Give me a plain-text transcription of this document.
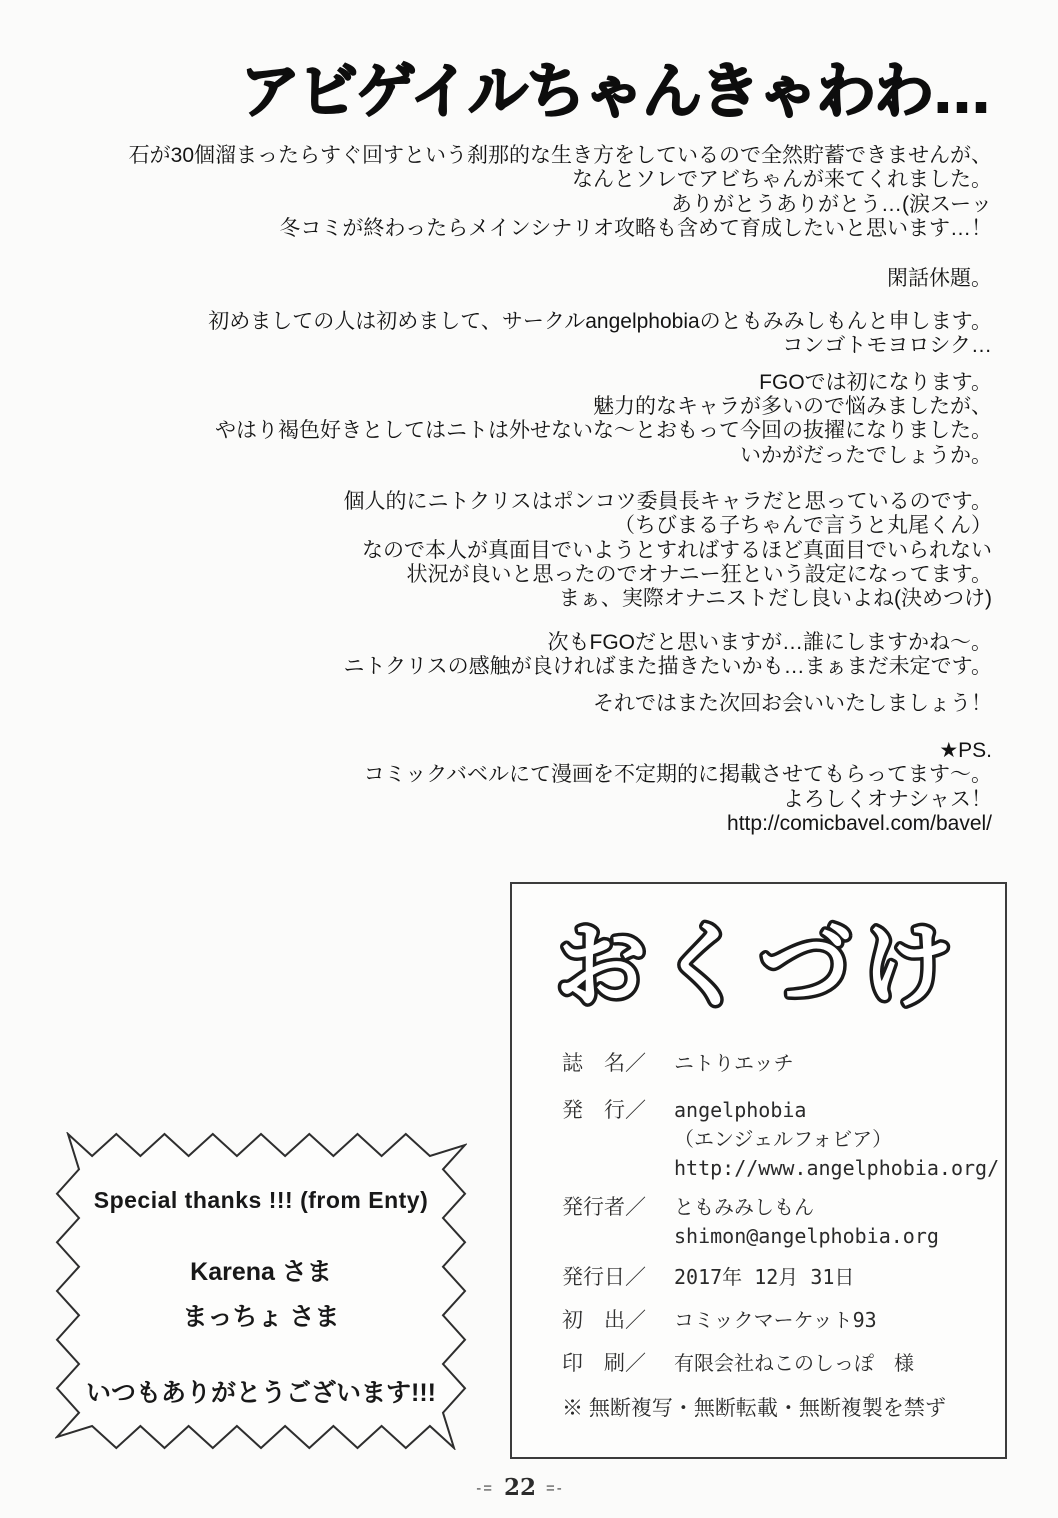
アビゲイルちゃんきゃわわ…
石が30個溜まったらすぐ回すという刹那的な生き方をしているので全然貯蓄できませんが、
なんとソレでアビちゃんが来てくれました。
ありがとうありがとう…(涙スーッ
冬コミが終わったらメインシナリオ攻略も含めて育成したいと思います…！
閑話休題。
初めましての人は初めまして、サークルangelphobiaのともみみしもんと申します。
コンゴトモヨロシク…
FGOでは初になります。
魅力的なキャラが多いので悩みましたが、
やはり褐色好きとしてはニトは外せないな〜とおもって今回の抜擢になりました。
いかがだったでしょうか。
個人的にニトクリスはポンコツ委員長キャラだと思っているのです。
（ちびまる子ちゃんで言うと丸尾くん）
なので本人が真面目でいようとすればするほど真面目でいられない
状況が良いと思ったのでオナニー狂という設定になってます。
まぁ、実際オナニストだし良いよね(決めつけ)
次もFGOだと思いますが…誰にしますかね〜。
ニトクリスの感触が良ければまた描きたいかも…まぁまだ未定です。
それではまた次回お会いいたしましょう！
★PS.
コミックバベルにて漫画を不定期的に掲載させてもらってます〜。
よろしくオナシャス！
http://comicbavel.com/bavel/
おくづけ
誌　名／	ニトりエッチ
発　行／	angelphobia
（エンジェルフォビア）
http://www.angelphobia.org/
発行者／	ともみみしもん
shimon@angelphobia.org
発行日／	2017年 12月 31日
初　出／	コミックマーケット93
印　刷／	有限会社ねこのしっぽ　様
※ 無断複写・無断転載・無断複製を禁ず
Special thanks !!! (from Enty)
Karena さま
まっちょ さま
いつもありがとうございます!!!
-= 22 =-
